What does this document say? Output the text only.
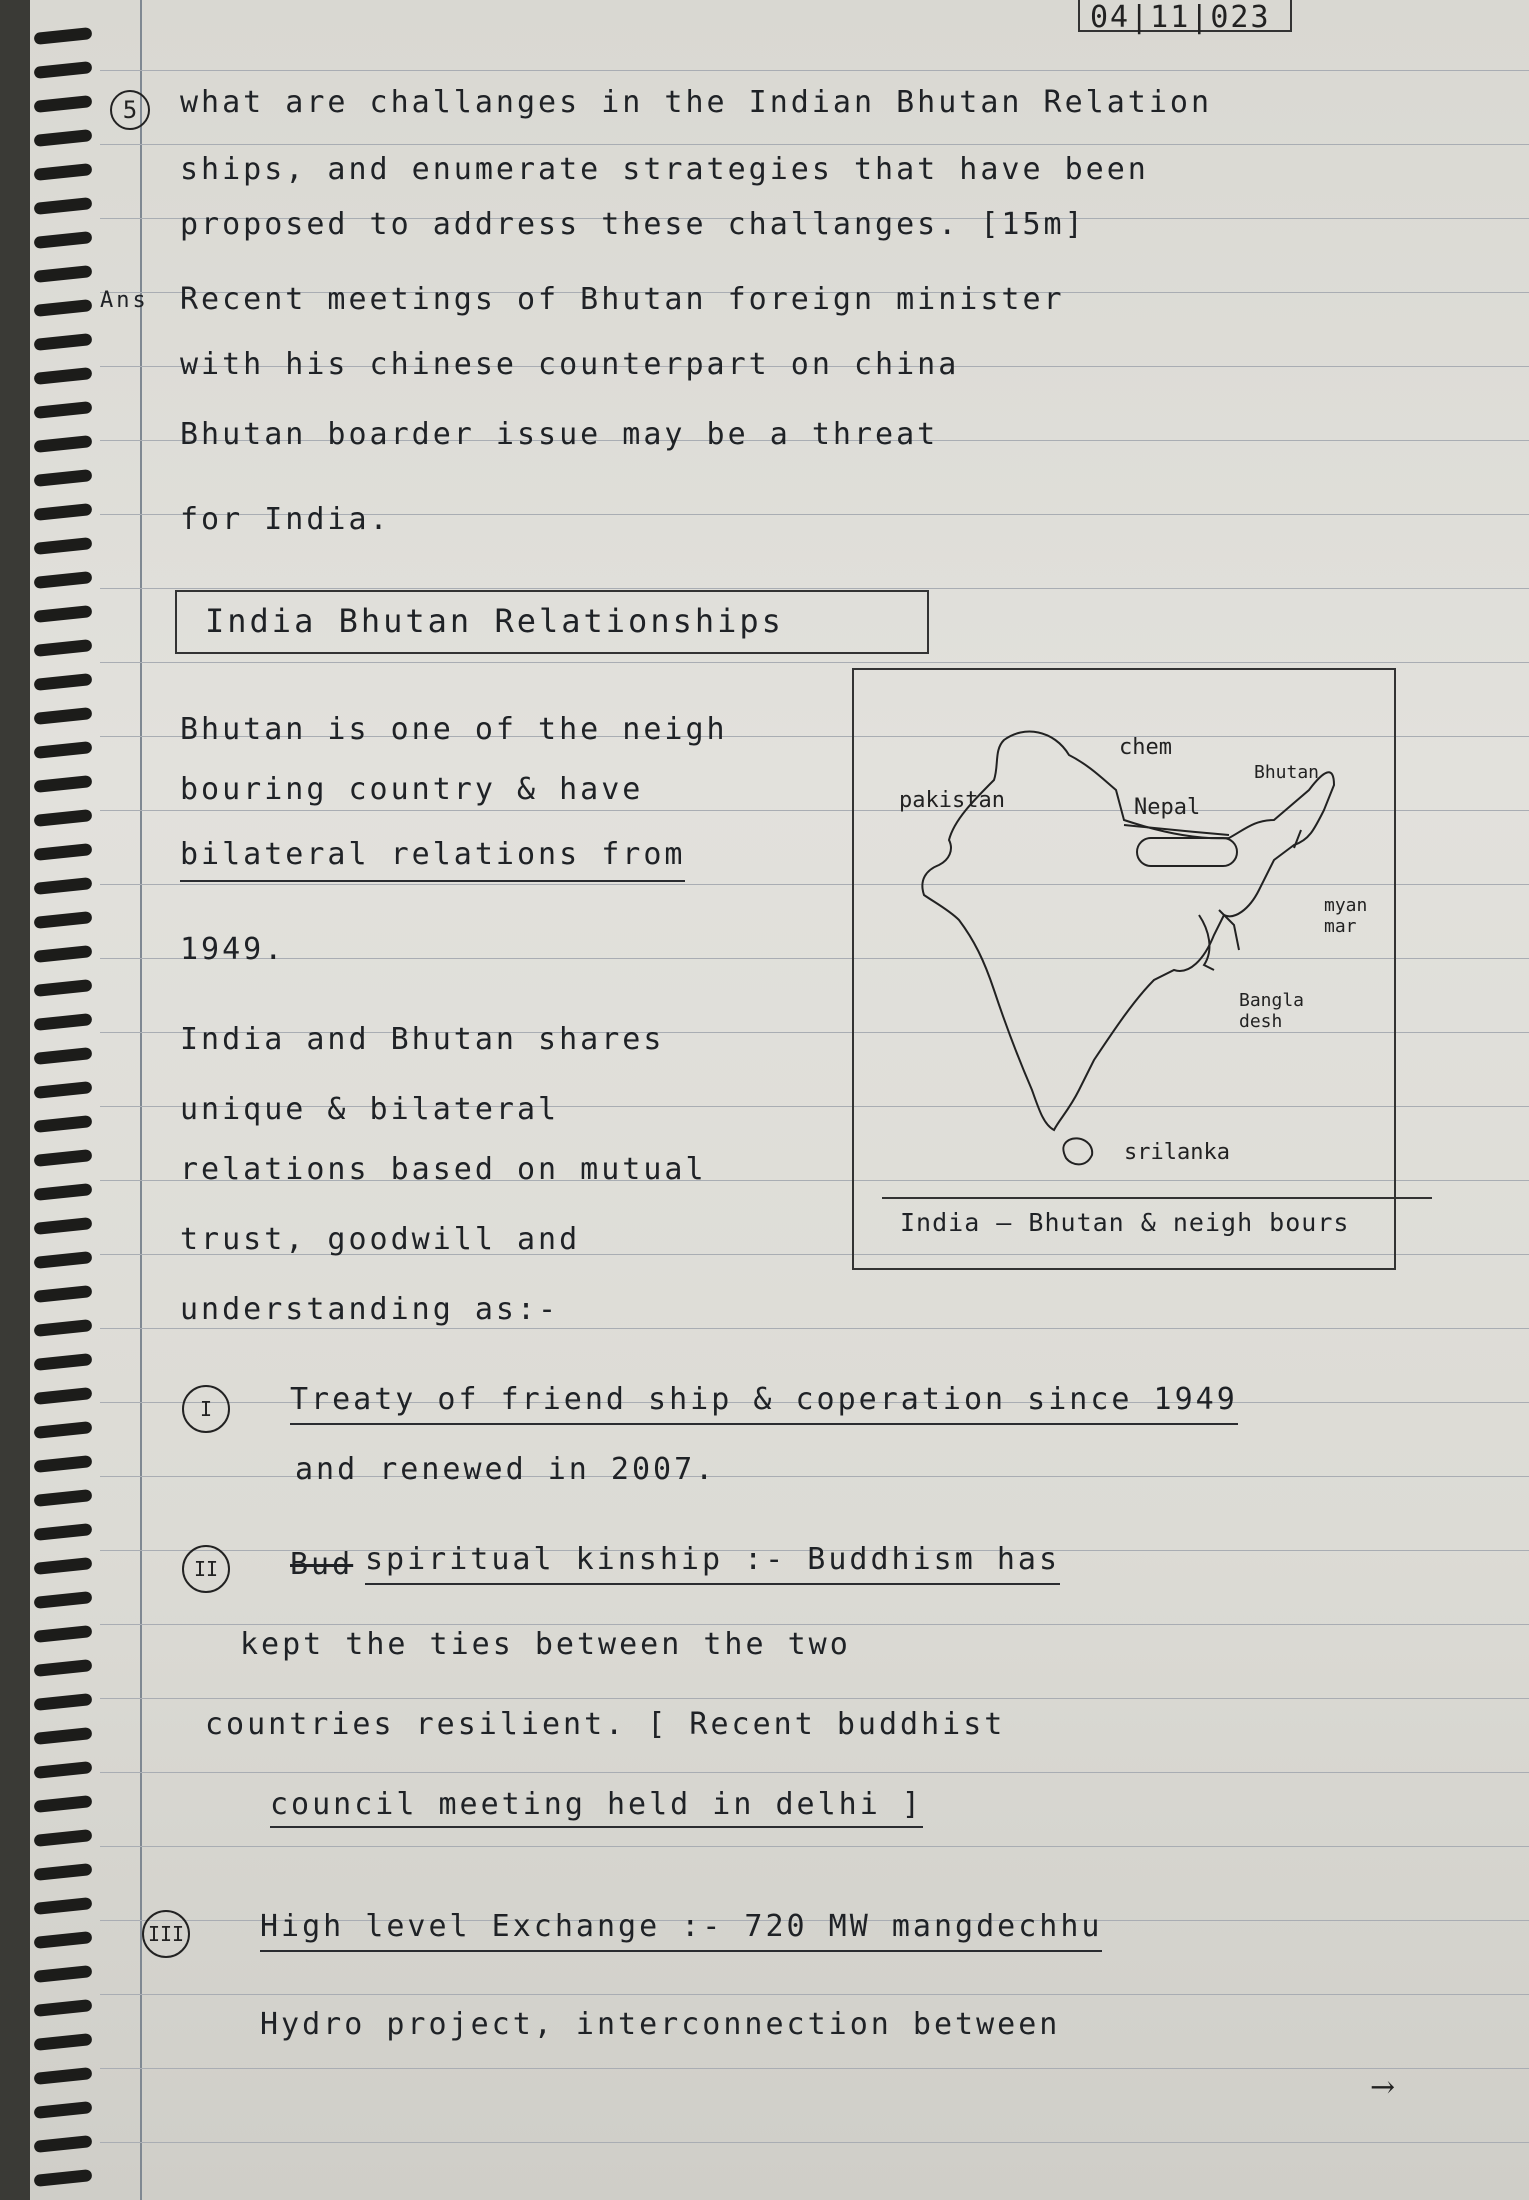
04|11|023
5	what are challanges in the Indian Bhutan Relation
ships, and enumerate strategies that have been
proposed to address these challanges. [15m]
Ans Recent meetings of Bhutan foreign minister
with his chinese counterpart on china
Bhutan boarder issue may be a threat
for India.
India Bhutan Relationships
Bhutan is one of the neigh
bouring country & have
bilateral relations from
1949.
India and Bhutan shares
unique & bilateral
relations based on mutual
trust, goodwill and
understanding as:-
pakistan
chem
Nepal
Bhutan
myan mar
Bangla desh
srilanka
India — Bhutan & neigh bours
I	Treaty of friend ship & coperation since 1949
and renewed in 2007.
II	Bud spiritual kinship :- Buddhism has
kept the ties between the two
countries resilient. [ Recent buddhist
council meeting held in delhi ]
III	High level Exchange :- 720 MW mangdechhu
Hydro project, interconnection between
→
